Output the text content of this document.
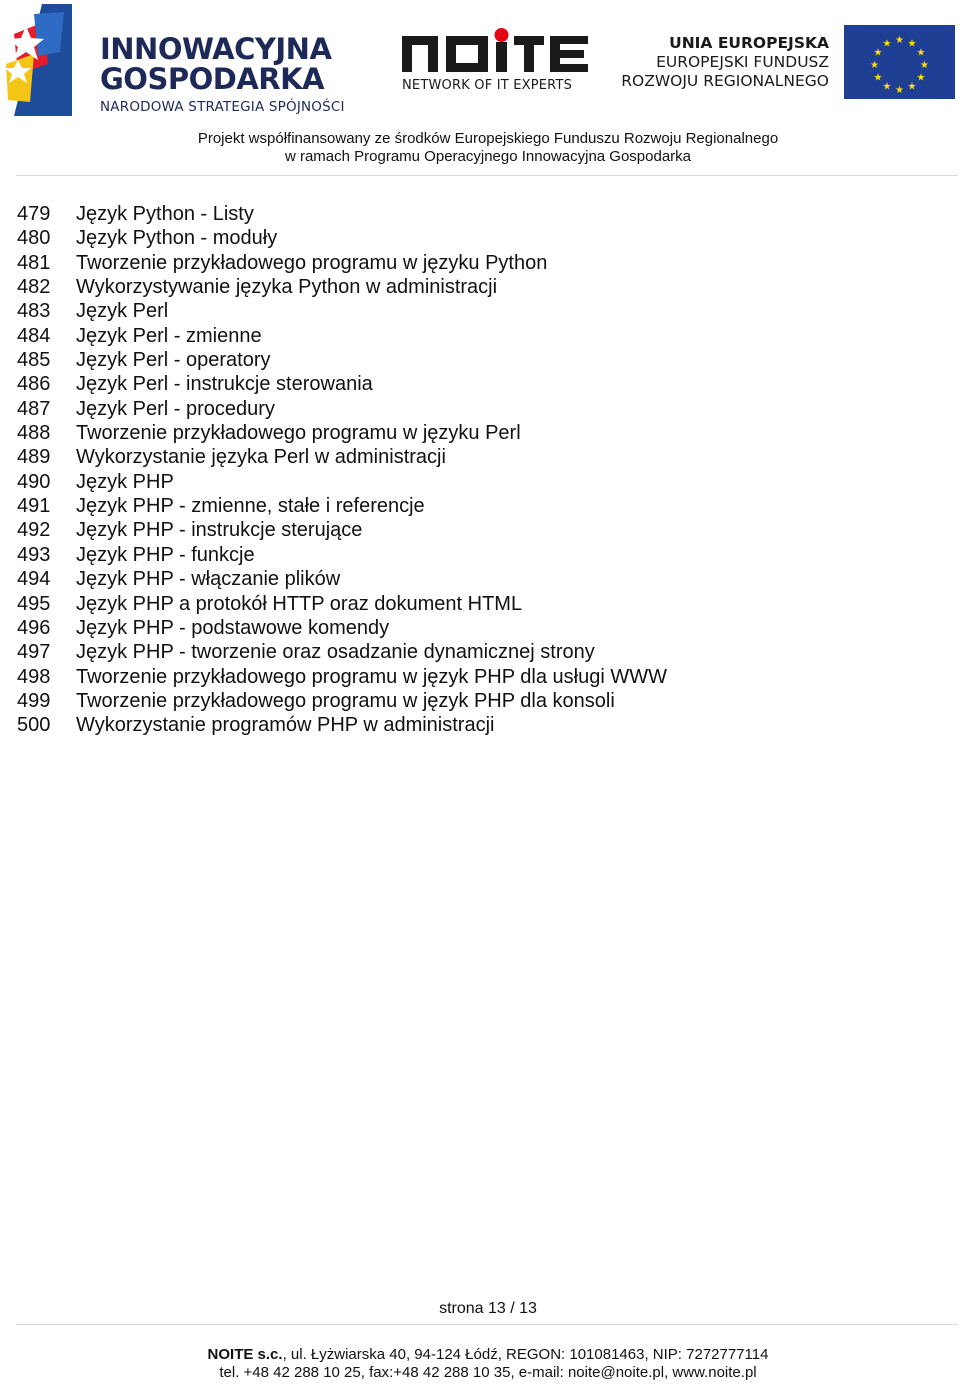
INNOWACYJNA
GOSPODARKA
NARODOWA STRATEGIA SPÓJNOŚCI
NETWORK OF IT EXPERTS
UNIA EUROPEJSKA
EUROPEJSKI FUNDUSZ
ROZWOJU REGIONALNEGO
★ ★
★
★
★
★
★
★
★
★
★
★
Projekt współfinansowany ze środków Europejskiego Funduszu Rozwoju Regionalnego
w ramach Programu Operacyjnego Innowacyjna Gospodarka
479 Język Python - Listy
480 Język Python - moduły
481 Tworzenie przykładowego programu w języku Python
482 Wykorzystywanie języka Python w administracji
483 Język Perl
484 Język Perl - zmienne
485 Język Perl - operatory
486 Język Perl - instrukcje sterowania
487 Język Perl - procedury
488 Tworzenie przykładowego programu w języku Perl
489 Wykorzystanie języka Perl w administracji
490 Język PHP
491 Język PHP - zmienne, stałe i referencje
492 Język PHP - instrukcje sterujące
493 Język PHP - funkcje
494 Język PHP - włączanie plików
495 Język PHP a protokół HTTP oraz dokument HTML
496 Język PHP - podstawowe komendy
497 Język PHP - tworzenie oraz osadzanie dynamicznej strony
498 Tworzenie przykładowego programu w język PHP dla usługi WWW
499 Tworzenie przykładowego programu w język PHP dla konsoli
500 Wykorzystanie programów PHP w administracji
strona 13 / 13
NOITE s.c., ul. Łyżwiarska 40, 94-124 Łódź, REGON: 101081463, NIP: 7272777114
tel. +48 42 288 10 25, fax:+48 42 288 10 35, e-mail: noite@noite.pl, www.noite.pl
